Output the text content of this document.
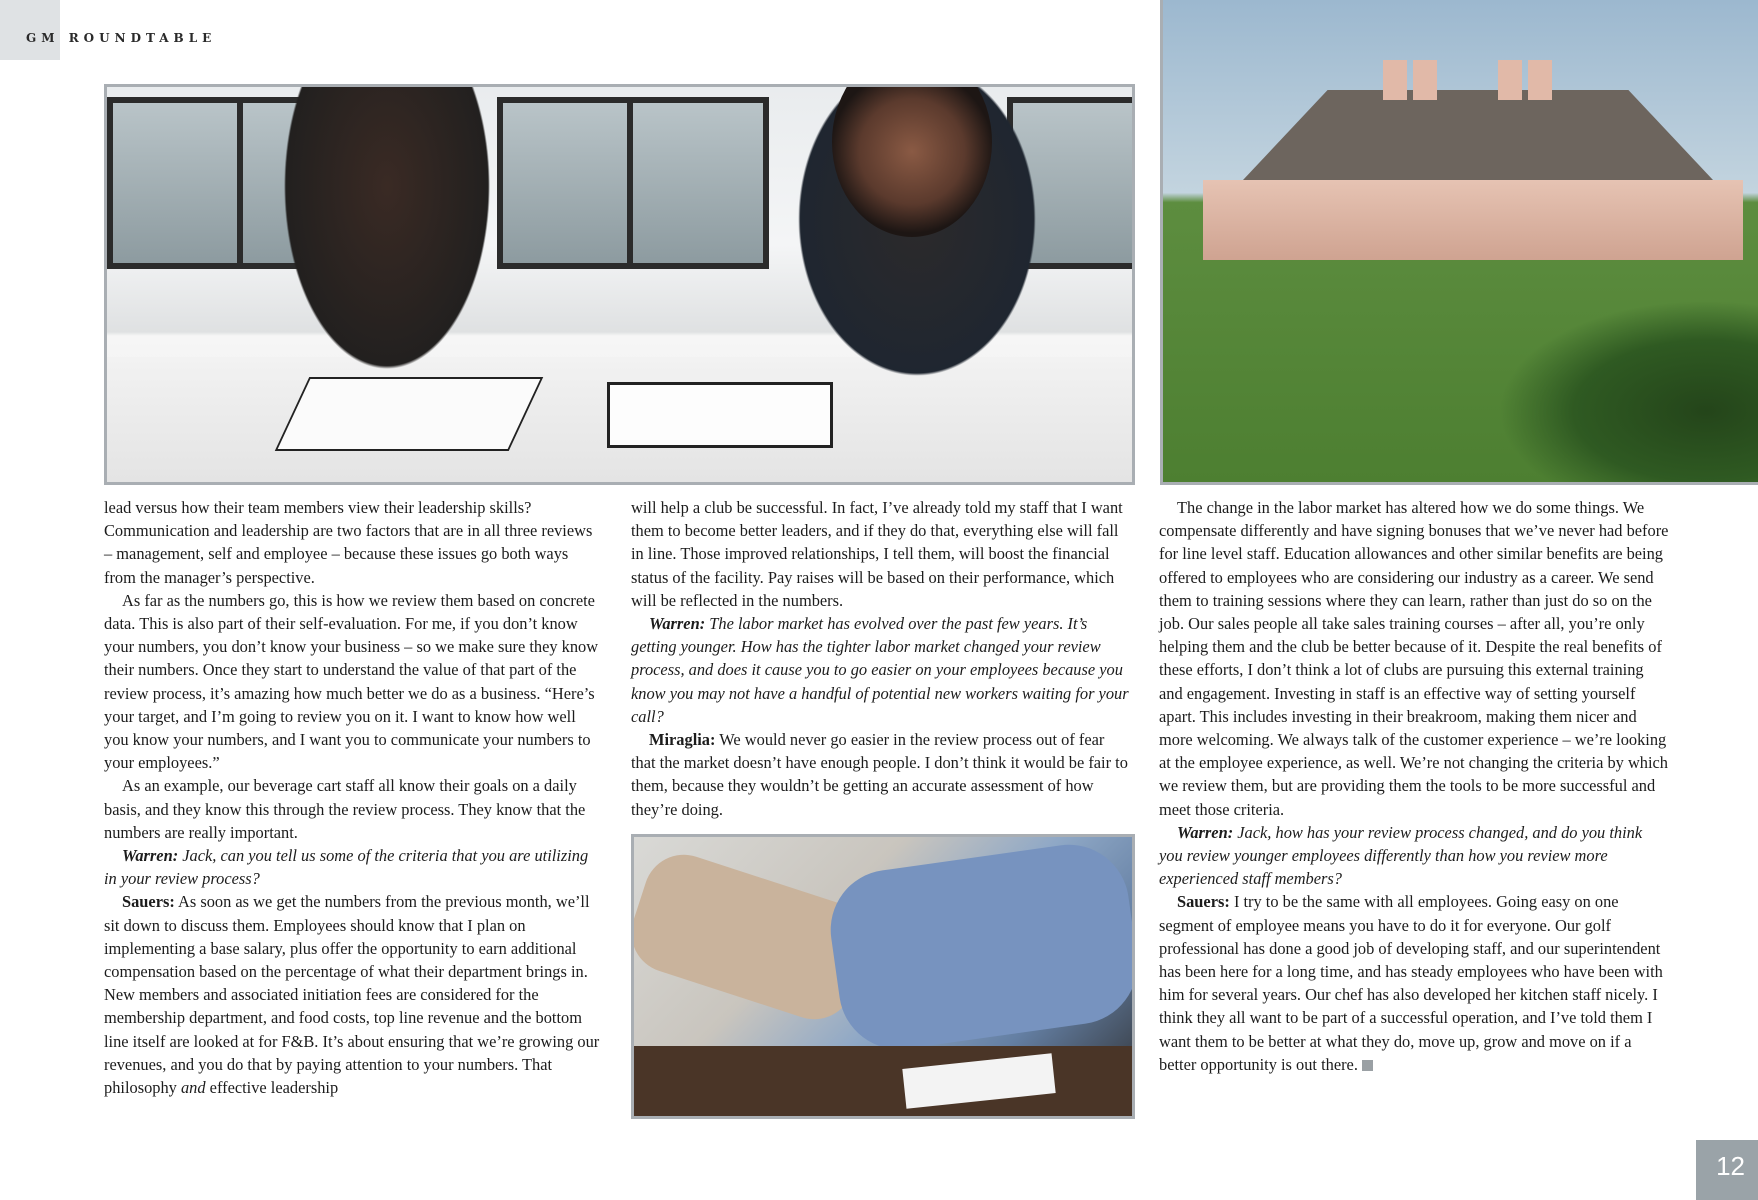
GM ROUNDTABLE

lead versus how their team members view their leadership skills? Communication and leadership are two factors that are in all three reviews – management, self and employee – because these issues go both ways from the manager’s perspective.

As far as the numbers go, this is how we review them based on concrete data. This is also part of their self-evaluation. For me, if you don’t know your numbers, you don’t know your business – so we make sure they know their numbers. Once they start to understand the value of that part of the review process, it’s amazing how much better we do as a business. “Here’s your target, and I’m going to review you on it. I want to know how well you know your numbers, and I want you to communicate your numbers to your employees.”

As an example, our beverage cart staff all know their goals on a daily basis, and they know this through the review process. They know that the numbers are really important.

Warren: Jack, can you tell us some of the criteria that you are utilizing in your review process?

Sauers: As soon as we get the numbers from the previous month, we’ll sit down to discuss them. Employees should know that I plan on implementing a base salary, plus offer the opportunity to earn additional compensation based on the percentage of what their department brings in. New members and associated initiation fees are considered for the membership department, and food costs, top line revenue and the bottom line itself are looked at for F&B. It’s about ensuring that we’re growing our revenues, and you do that by paying attention to your numbers. That philosophy and effective leadership

will help a club be successful. In fact, I’ve already told my staff that I want them to become better leaders, and if they do that, everything else will fall in line. Those improved relationships, I tell them, will boost the financial status of the facility. Pay raises will be based on their performance, which will be reflected in the numbers.

Warren: The labor market has evolved over the past few years. It’s getting younger. How has the tighter labor market changed your review process, and does it cause you to go easier on your employees because you know you may not have a handful of potential new workers waiting for your call?

Miraglia: We would never go easier in the review process out of fear that the market doesn’t have enough people. I don’t think it would be fair to them, because they wouldn’t be getting an accurate assessment of how they’re doing.

The change in the labor market has altered how we do some things. We compensate differently and have signing bonuses that we’ve never had before for line level staff. Education allowances and other similar benefits are being offered to employees who are considering our industry as a career. We send them to training sessions where they can learn, rather than just do so on the job. Our sales people all take sales training courses – after all, you’re only helping them and the club be better because of it. Despite the real benefits of these efforts, I don’t think a lot of clubs are pursuing this external training and engagement. Investing in staff is an effective way of setting yourself apart. This includes investing in their breakroom, making them nicer and more welcoming. We always talk of the customer experience – we’re looking at the employee experience, as well. We’re not changing the criteria by which we review them, but are providing them the tools to be more successful and meet those criteria.

Warren: Jack, how has your review process changed, and do you think you review younger employees differently than how you review more experienced staff members?

Sauers: I try to be the same with all employees. Going easy on one segment of employee means you have to do it for everyone. Our golf professional has done a good job of developing staff, and our superintendent has been here for a long time, and has steady employees who have been with him for several years. Our chef has also developed her kitchen staff nicely. I think they all want to be part of a successful operation, and I’ve told them I want them to be better at what they do, move up, grow and move on if a better opportunity is out there.

12
